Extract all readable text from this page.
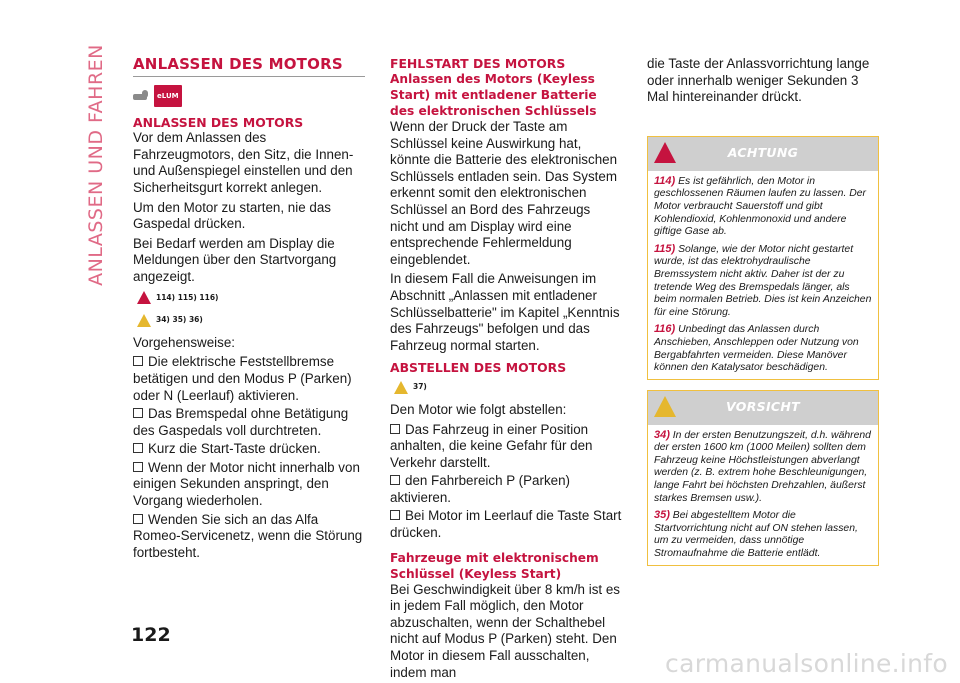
ANLASSEN UND FAHREN ANLASSEN DES MOTORS
eLUM
ANLASSEN DES MOTORS

Vor dem Anlassen des Fahrzeugmotors, den Sitz, die Innen- und Außenspiegel einstellen und den Sicherheitsgurt korrekt anlegen.

Um den Motor zu starten, nie das Gaspedal drücken.

Bei Bedarf werden am Display die Meldungen über den Startvorgang angezeigt.

114) 115) 116)
34) 35) 36)

Vorgehensweise:

Die elektrische Feststellbremse betätigen und den Modus P (Parken) oder N (Leerlauf) aktivieren.
Das Bremspedal ohne Betätigung des Gaspedals voll durchtreten.
Kurz die Start-Taste drücken.
Wenn der Motor nicht innerhalb von einigen Sekunden anspringt, den Vorgang wiederholen.
Wenden Sie sich an das Alfa Romeo-Servicenetz, wenn die Störung fortbesteht.
FEHLSTART DES MOTORS
Anlassen des Motors (Keyless Start) mit entladener Batterie des elektronischen Schlüssels

Wenn der Druck der Taste am Schlüssel keine Auswirkung hat, könnte die Batterie des elektronischen Schlüssels entladen sein. Das System erkennt somit den elektronischen Schlüssel an Bord des Fahrzeugs nicht und am Display wird eine entsprechende Fehlermeldung eingeblendet.

In diesem Fall die Anweisungen im Abschnitt „Anlassen mit entladener Schlüsselbatterie" im Kapitel „Kenntnis des Fahrzeugs" befolgen und das Fahrzeug normal starten.

ABSTELLEN DES MOTORS
37)

Den Motor wie folgt abstellen:

Das Fahrzeug in einer Position anhalten, die keine Gefahr für den Verkehr darstellt.
den Fahrbereich P (Parken) aktivieren.
Bei Motor im Leerlauf die Taste Start drücken.
Fahrzeuge mit elektronischem Schlüssel (Keyless Start)

Bei Geschwindigkeit über 8 km/h ist es in jedem Fall möglich, den Motor abzuschalten, wenn der Schalthebel nicht auf Modus P (Parken) steht. Den Motor in diesem Fall ausschalten, indem man

die Taste der Anlassvorrichtung lange oder innerhalb weniger Sekunden 3 Mal hintereinander drückt.

ACHTUNG
114) Es ist gefährlich, den Motor in geschlossenen Räumen laufen zu lassen. Der Motor verbraucht Sauerstoff und gibt Kohlendioxid, Kohlenmonoxid und andere giftige Gase ab.
115) Solange, wie der Motor nicht gestartet wurde, ist das elektrohydraulische Bremssystem nicht aktiv. Daher ist der zu tretende Weg des Bremspedals länger, als beim normalen Betrieb. Dies ist kein Anzeichen für eine Störung.
116) Unbedingt das Anlassen durch Anschieben, Anschleppen oder Nutzung von Bergabfahrten vermeiden. Diese Manöver können den Katalysator beschädigen.
VORSICHT
34) In der ersten Benutzungszeit, d.h. während der ersten 1600 km (1000 Meilen) sollten dem Fahrzeug keine Höchstleistungen abverlangt werden (z. B. extrem hohe Beschleunigungen, lange Fahrt bei höchsten Drehzahlen, äußerst starkes Bremsen usw.).
35) Bei abgestelltem Motor die Startvorrichtung nicht auf ON stehen lassen, um zu vermeiden, dass unnötige Stromaufnahme die Batterie entlädt.
122
carmanualsonline.info
